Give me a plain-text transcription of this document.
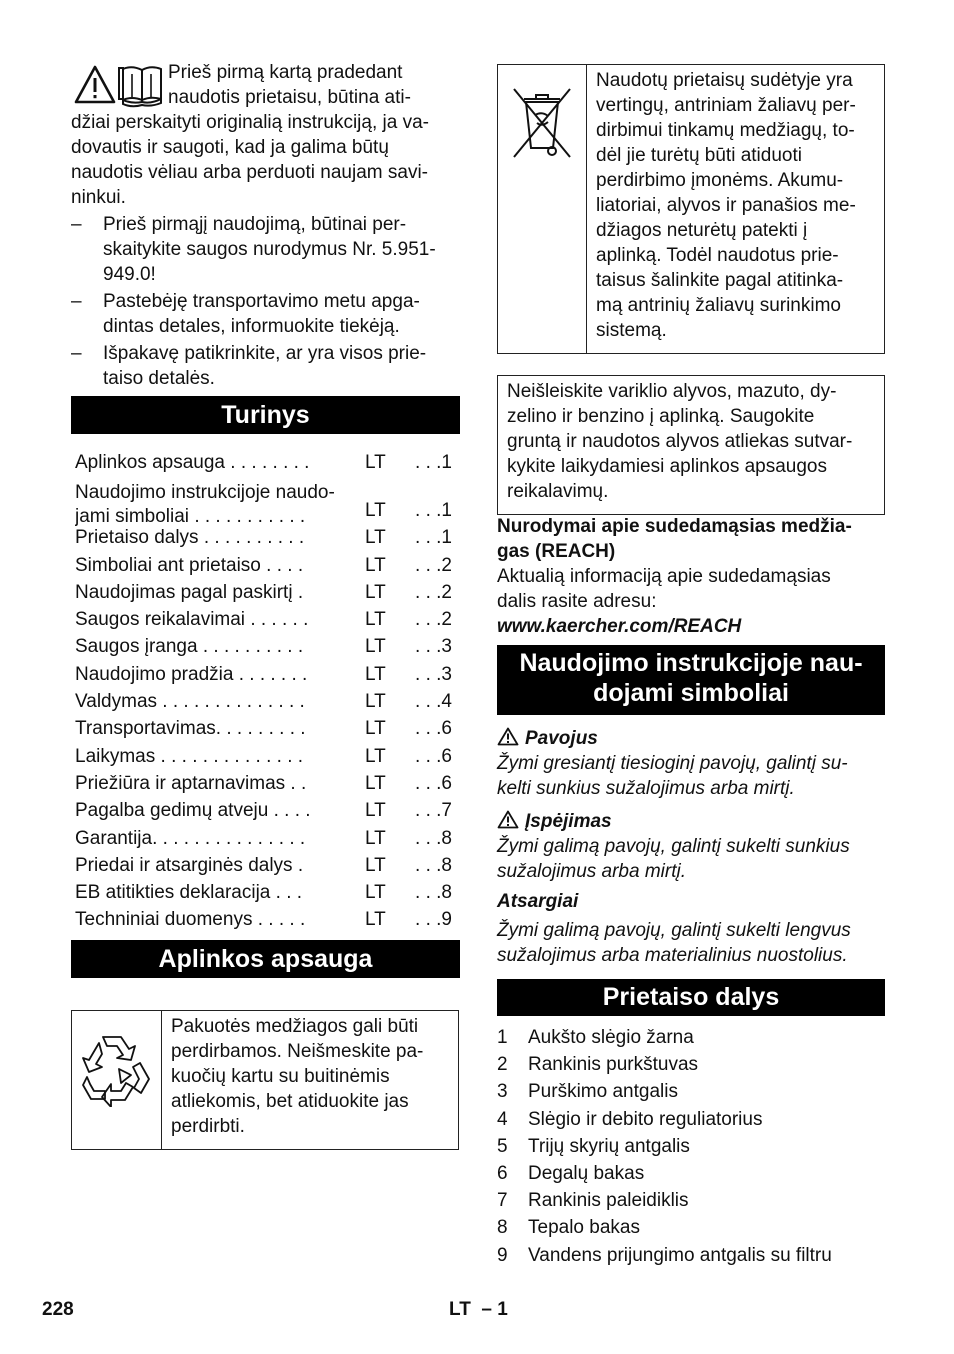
Prieš pirmą kartą pradedant
naudotis prietaisu, būtina ati-
džiai perskaityti originalią instrukciją, ja va-
dovautis ir saugoti, kad ja galima būtų
naudotis vėliau arba perduoti naujam savi-
ninkui.
– Prieš pirmąjį naudojimą, būtinai per-
skaitykite saugos nurodymus Nr. 5.951-
949.0!
– Pastebėję transportavimo metu apga-
dintas detales, informuokite tiekėją.
– Išpakavę patikrinkite, ar yra visos prie-
taiso detalės.
Turinys
Aplinkos apsauga . . . . . . . .	LT . . .1
Naudojimo instrukcijoje naudo-
jami simboliai . . . . . . . . . . .	LT . . .1
Prietaiso dalys . . . . . . . . . .	LT . . .1
Simboliai ant prietaiso . . . .	LT . . .2
Naudojimas pagal paskirtį .	LT . . .2
Saugos reikalavimai . . . . . .	LT . . .2
Saugos įranga . . . . . . . . . .	LT . . .3
Naudojimo pradžia . . . . . . .	LT . . .3
Valdymas . . . . . . . . . . . . . .	LT . . .4
Transportavimas. . . . . . . . .	LT . . .6
Laikymas . . . . . . . . . . . . . .	LT . . .6
Priežiūra ir aptarnavimas . .	LT . . .6
Pagalba gedimų atveju . . . .	LT . . .7
Garantija. . . . . . . . . . . . . . .	LT . . .8
Priedai ir atsarginės dalys .	LT . . .8
EB atitikties deklaracija . . .	LT . . .8
Techniniai duomenys . . . . .	LT . . .9
Aplinkos apsauga
Pakuotės medžiagos gali būti
perdirbamos. Neišmeskite pa-
kuočių kartu su buitinėmis
atliekomis, bet atiduokite jas
perdirbti.
Naudotų prietaisų sudėtyje yra
vertingų, antriniam žaliavų per-
dirbimui tinkamų medžiagų, to-
dėl jie turėtų būti atiduoti
perdirbimo įmonėms. Akumu-
liatoriai, alyvos ir panašios me-
džiagos neturėtų patekti į
aplinką. Todėl naudotus prie-
taisus šalinkite pagal atitinka-
mą antrinių žaliavų surinkimo
sistemą.
Neišleiskite variklio alyvos, mazuto, dy-
zelino ir benzino į aplinką. Saugokite
gruntą ir naudotos alyvos atliekas sutvar-
kykite laikydamiesi aplinkos apsaugos
reikalavimų.
Nurodymai apie sudedamąsias medžia-
gas (REACH)
Aktualią informaciją apie sudedamąsias
dalis rasite adresu:
www.kaercher.com/REACH
Naudojimo instrukcijoje nau-
dojami simboliai
Pavojus
Žymi gresiantį tiesioginį pavojų, galintį su-
kelti sunkius sužalojimus arba mirtį.
Įspėjimas
Žymi galimą pavojų, galintį sukelti sunkius
sužalojimus arba mirtį.
Atsargiai
Žymi galimą pavojų, galintį sukelti lengvus
sužalojimus arba materialinius nuostolius.
Prietaiso dalys
1 Aukšto slėgio žarna
2 Rankinis purkštuvas
3 Purškimo antgalis
4 Slėgio ir debito reguliatorius
5 Trijų skyrių antgalis
6 Degalų bakas
7 Rankinis paleidiklis
8 Tepalo bakas
9 Vandens prijungimo antgalis su filtru
228	LT – 1
